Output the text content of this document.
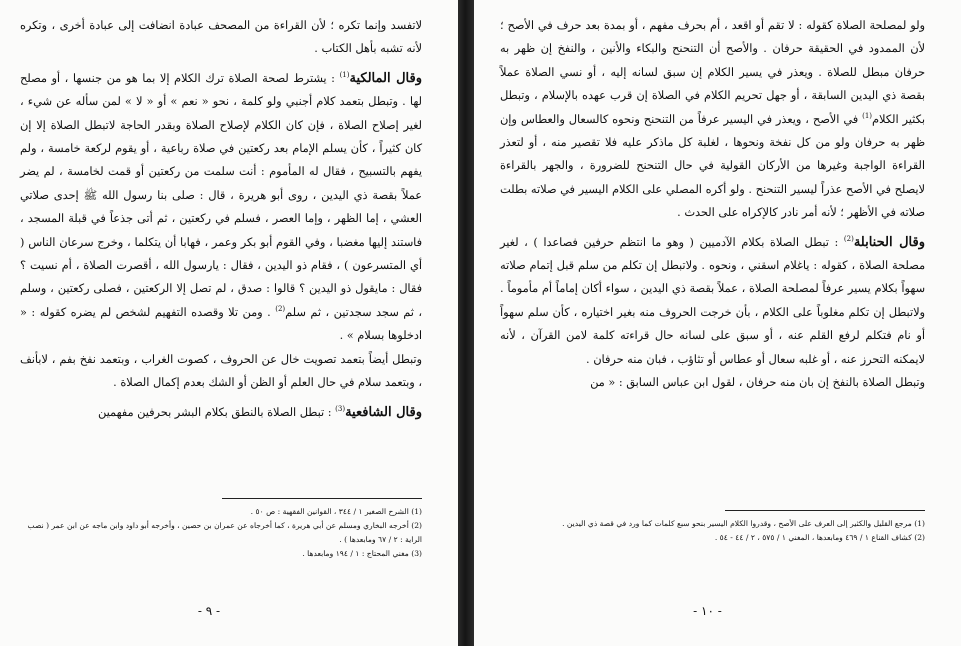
لاتفسد وإنما تكره ؛ لأن القراءة من المصحف عبادة انضافت إلى عبادة أخرى ، وتكره لأنه تشبه بأهل الكتاب .

وقال المالكية$^{(1)}$ : يشترط لصحة الصلاة ترك الكلام إلا بما هو من جنسها ، أو مصلح لها . وتبطل بتعمد كلام أجنبي ولو كلمة ، نحو « نعم » أو « لا » لمن سأله عن شيء ، لغير إصلاح الصلاة ، فإن كان الكلام لإصلاح الصلاة وبقدر الحاجة لاتبطل الصلاة إلا إن كان كثيراً ، كأن يسلم الإمام بعد ركعتين في صلاة رباعية ، أو يقوم لركعة خامسة ، ولم يفهم بالتسبيح ، فقال له المأموم : أنت سلمت من ركعتين أو قمت لخامسة ، لم يضر عملاً بقصة ذي اليدين ، روى أبو هريرة ، قال : صلى بنا رسول الله ﷺ إحدى صلاتي العشي ، إما الظهر ، وإما العصر ، فسلم في ركعتين ، ثم أتى جذعاً في قبلة المسجد ، فاستند إليها مغضبا ، وفي القوم أبو بكر وعمر ، فهابا أن يتكلما ، وخرج سرعان الناس ( أي المتسرعون ) ، فقام ذو اليدين ، فقال : يارسول الله ، أقصرت الصلاة ، أم نسيت ؟ فقال : مايقول ذو اليدين ؟ قالوا : صدق ، لم تصل إلا الركعتين ، فصلى ركعتين ، وسلم ، ثم سجد سجدتين ، ثم سلم$^{(2)}$ . ومن تلا وقصده التفهيم لشخص لم يضره كقوله : « ادخلوها بسلام » .

وتبطل أيضاً بتعمد تصويت خال عن الحروف ، كصوت الغراب ، وبتعمد نفخ بفم ، لابأنف ، وبتعمد سلام في حال العلم أو الظن أو الشك بعدم إكمال الصلاة .

وقال الشافعية$^{(3)}$ : تبطل الصلاة بالنطق بكلام البشر بحرفين مفهمين

(1) الشرح الصغير ١ / ٣٤٤ ، القوانين الفقهية : ص ٥٠ .

(2) أخرجه البخاري ومسلم عن أبي هريرة ، كما أخرجاه عن عمران بن حصين ، وأخرجه أبو داود وابن ماجه عن ابن عمر ( نصب الراية : ٢ / ٦٧ ومابعدها ) .

(3) مغني المحتاج : ١ / ١٩٤ ومابعدها .

- ٩ -

ولو لمصلحة الصلاة كقوله : لا تقم أو اقعد ، أم بحرف مفهم ، أو بمدة بعد حرف في الأصح ؛ لأن الممدود في الحقيقة حرفان . والأصح أن التنحنح والبكاء والأنين ، والنفخ إن ظهر به حرفان مبطل للصلاة . ويعذر في يسير الكلام إن سبق لسانه إليه ، أو نسي الصلاة عملاً بقصة ذي اليدين السابقة ، أو جهل تحريم الكلام في الصلاة إن قرب عهده بالإسلام ، وتبطل بكثير الكلام$^{(1)}$ في الأصح ، ويعذر في اليسير عرفاً من التنحنح ونحوه كالسعال والعطاس وإن ظهر به حرفان ولو من كل نفخة ونحوها ، لغلبة كل ماذكر عليه فلا تقصير منه ، أو لتعذر القراءة الواجبة وغيرها من الأركان القولية في حال التنحنح للضرورة ، والجهر بالقراءة لايصلح في الأصح عذراً ليسير التنحنح . ولو أكره المصلي على الكلام اليسير في صلاته بطلت صلاته في الأظهر ؛ لأنه أمر نادر كالإكراه على الحدث .

وقال الحنابلة$^{(2)}$ : تبطل الصلاة بكلام الآدميين ( وهو ما انتظم حرفين فصاعدا ) ، لغير مصلحة الصلاة ، كقوله : ياغلام اسقني ، ونحوه . ولاتبطل إن تكلم من سلم قبل إتمام صلاته سهواً بكلام يسير عرفاً لمصلحة الصلاة ، عملاً بقصة ذي اليدين ، سواء أكان إماماً أم مأموماً . ولاتبطل إن تكلم مغلوباً على الكلام ، بأن خرجت الحروف منه بغير اختياره ، كأن سلم سهواً أو نام فتكلم لرفع القلم عنه ، أو سبق على لسانه حال قراءته كلمة لامن القرآن ، لأنه لايمكنه التحرز عنه ، أو غلبه سعال أو عطاس أو تثاؤب ، فبان منه حرفان .

وتبطل الصلاة بالنفخ إن بان منه حرفان ، لقول ابن عباس السابق : « من

(1) مرجع القليل والكثير إلى العرف على الأصح ، وقدروا الكلام اليسير بنحو سبع كلمات كما ورد في قصة ذي اليدين .

(2) كشاف القناع ١ / ٤٦٩ ومابعدها ، المغني ١ / ٥٧٥ ، ٢ / ٤٤ - ٥٤ .

- ١٠ -
